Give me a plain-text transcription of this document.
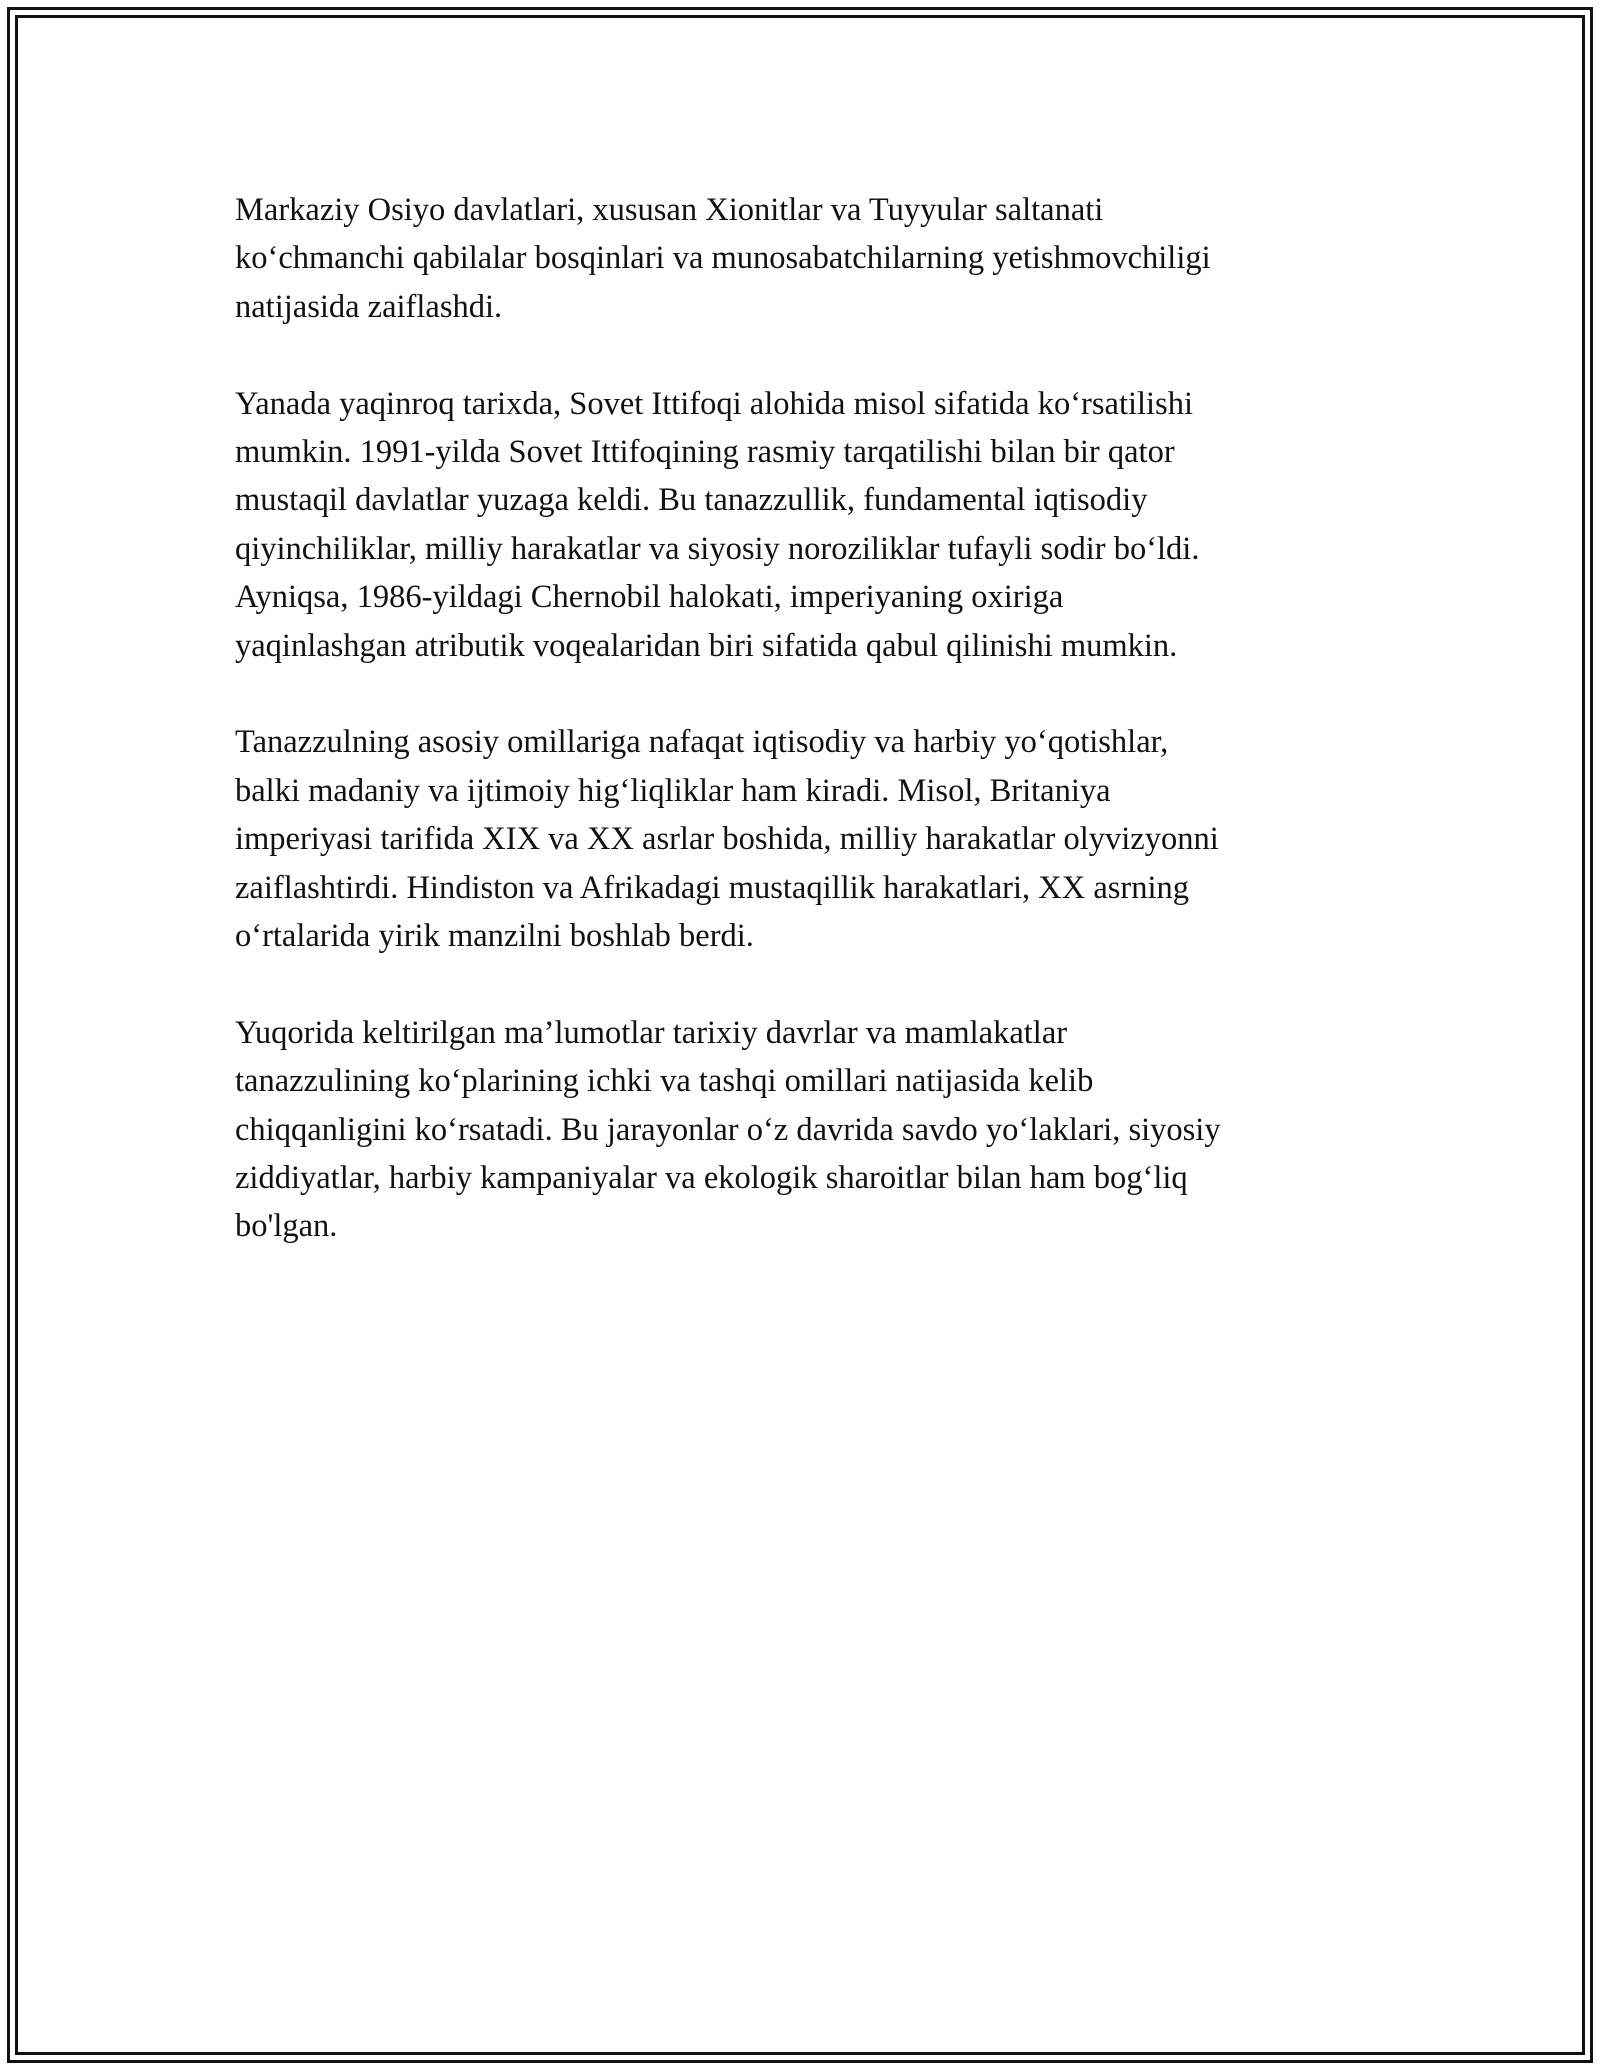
Markaziy Osiyo davlatlari, xususan Xionitlar va Tuyyular saltanati
ko‘chmanchi qabilalar bosqinlari va munosabatchilarning yetishmovchiligi
natijasida zaiflashdi.

Yanada yaqinroq tarixda, Sovet Ittifoqi alohida misol sifatida ko‘rsatilishi
mumkin. 1991-yilda Sovet Ittifoqining rasmiy tarqatilishi bilan bir qator
mustaqil davlatlar yuzaga keldi. Bu tanazzullik, fundamental iqtisodiy
qiyinchiliklar, milliy harakatlar va siyosiy noroziliklar tufayli sodir bo‘ldi.
Ayniqsa, 1986-yildagi Chernobil halokati, imperiyaning oxiriga
yaqinlashgan atributik voqealaridan biri sifatida qabul qilinishi mumkin.

Tanazzulning asosiy omillariga nafaqat iqtisodiy va harbiy yo‘qotishlar,
balki madaniy va ijtimoiy hig‘liqliklar ham kiradi. Misol, Britaniya
imperiyasi tarifida XIX va XX asrlar boshida, milliy harakatlar olyvizyonni
zaiflashtirdi. Hindiston va Afrikadagi mustaqillik harakatlari, XX asrning
o‘rtalarida yirik manzilni boshlab berdi.

Yuqorida keltirilgan ma’lumotlar tarixiy davrlar va mamlakatlar
tanazzulining ko‘plarining ichki va tashqi omillari natijasida kelib
chiqqanligini ko‘rsatadi. Bu jarayonlar o‘z davrida savdo yo‘laklari, siyosiy
ziddiyatlar, harbiy kampaniyalar va ekologik sharoitlar bilan ham bog‘liq
bo'lgan.
